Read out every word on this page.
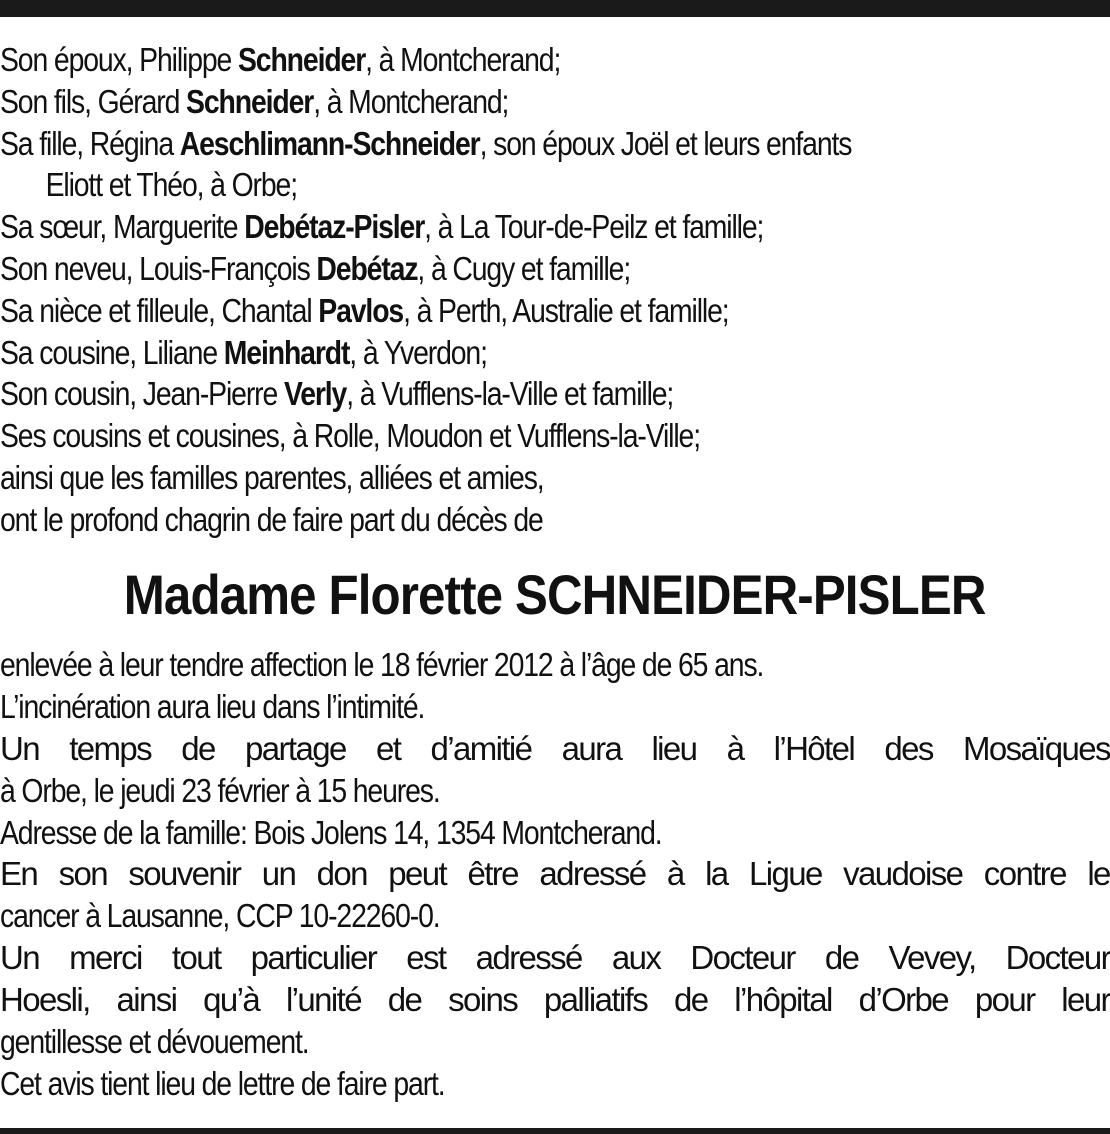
Son époux, Philippe Schneider, à Montcherand;
Son fils, Gérard Schneider, à Montcherand;
Sa fille, Régina Aeschlimann-Schneider, son époux Joël et leurs enfants
Eliott et Théo, à Orbe;
Sa sœur, Marguerite Debétaz-Pisler, à La Tour-de-Peilz et famille;
Son neveu, Louis-François Debétaz, à Cugy et famille;
Sa nièce et filleule, Chantal Pavlos, à Perth, Australie et famille;
Sa cousine, Liliane Meinhardt, à Yverdon;
Son cousin, Jean-Pierre Verly, à Vufflens-la-Ville et famille;
Ses cousins et cousines, à Rolle, Moudon et Vufflens-la-Ville;
ainsi que les familles parentes, alliées et amies,
ont le profond chagrin de faire part du décès de
Madame Florette SCHNEIDER-PISLER
enlevée à leur tendre affection le 18 février 2012 à l’âge de 65 ans.
L’incinération aura lieu dans l’intimité.
Un temps de partage et d’amitié aura lieu à l’Hôtel des Mosaïques
à Orbe, le jeudi 23 février à 15 heures.
Adresse de la famille: Bois Jolens 14, 1354 Montcherand.
En son souvenir un don peut être adressé à la Ligue vaudoise contre le
cancer à Lausanne, CCP 10-22260-0.
Un merci tout particulier est adressé aux Docteur de Vevey, Docteur
Hoesli, ainsi qu’à l’unité de soins palliatifs de l’hôpital d’Orbe pour leur
gentillesse et dévouement.
Cet avis tient lieu de lettre de faire part.
